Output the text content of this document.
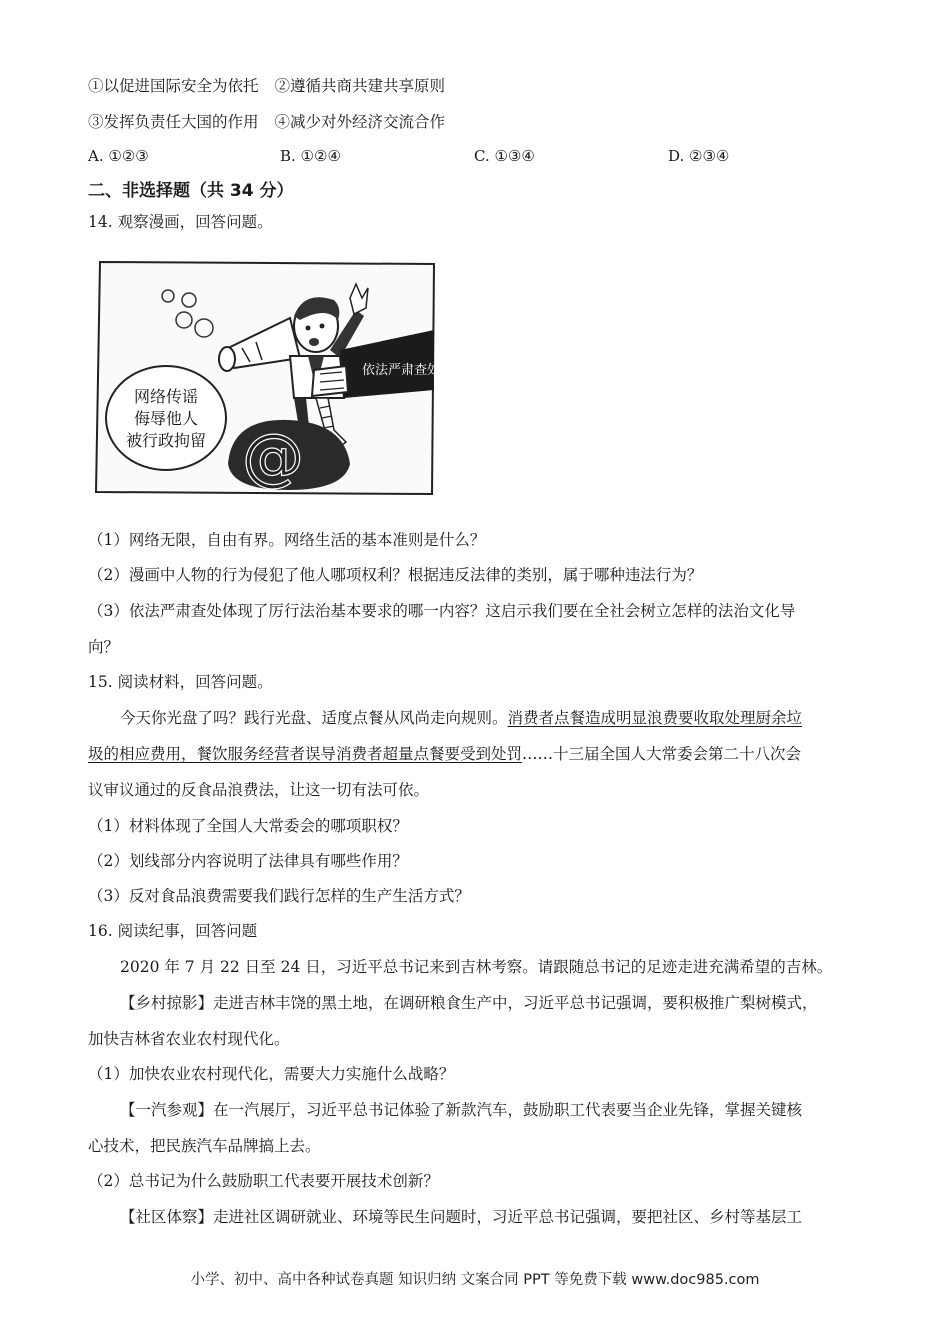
①以促进国际安全为依托 ②遵循共商共建共享原则
③发挥负责任大国的作用 ④减少对外经济交流合作
A. ①②③	B. ①②④	C. ①③④	D. ②③④
二、非选择题（共 34 分）
14. 观察漫画，回答问题。
依法严肃查处
@
网络传谣
侮辱他人
被行政拘留
（1）网络无限，自由有界。网络生活的基本准则是什么？
（2）漫画中人物的行为侵犯了他人哪项权利？根据违反法律的类别，属于哪种违法行为？
（3）依法严肃查处体现了厉行法治基本要求的哪一内容？这启示我们要在全社会树立怎样的法治文化导
向？
15. 阅读材料，回答问题。
今天你光盘了吗？践行光盘、适度点餐从风尚走向规则。消费者点餐造成明显浪费要收取处理厨余垃
圾的相应费用，餐饮服务经营者误导消费者超量点餐要受到处罚……十三届全国人大常委会第二十八次会
议审议通过的反食品浪费法，让这一切有法可依。
（1）材料体现了全国人大常委会的哪项职权？
（2）划线部分内容说明了法律具有哪些作用？
（3）反对食品浪费需要我们践行怎样的生产生活方式？
16. 阅读纪事，回答问题
2020 年 7 月 22 日至 24 日，习近平总书记来到吉林考察。请跟随总书记的足迹走进充满希望的吉林。
【乡村掠影】走进吉林丰饶的黑土地，在调研粮食生产中，习近平总书记强调，要积极推广梨树模式，
加快吉林省农业农村现代化。
（1）加快农业农村现代化，需要大力实施什么战略？
【一汽参观】在一汽展厅，习近平总书记体验了新款汽车，鼓励职工代表要当企业先锋，掌握关键核
心技术，把民族汽车品牌搞上去。
（2）总书记为什么鼓励职工代表要开展技术创新？
【社区体察】走进社区调研就业、环境等民生问题时，习近平总书记强调，要把社区、乡村等基层工
小学、初中、高中各种试卷真题 知识归纳 文案合同 PPT 等免费下载 www.doc985.com
